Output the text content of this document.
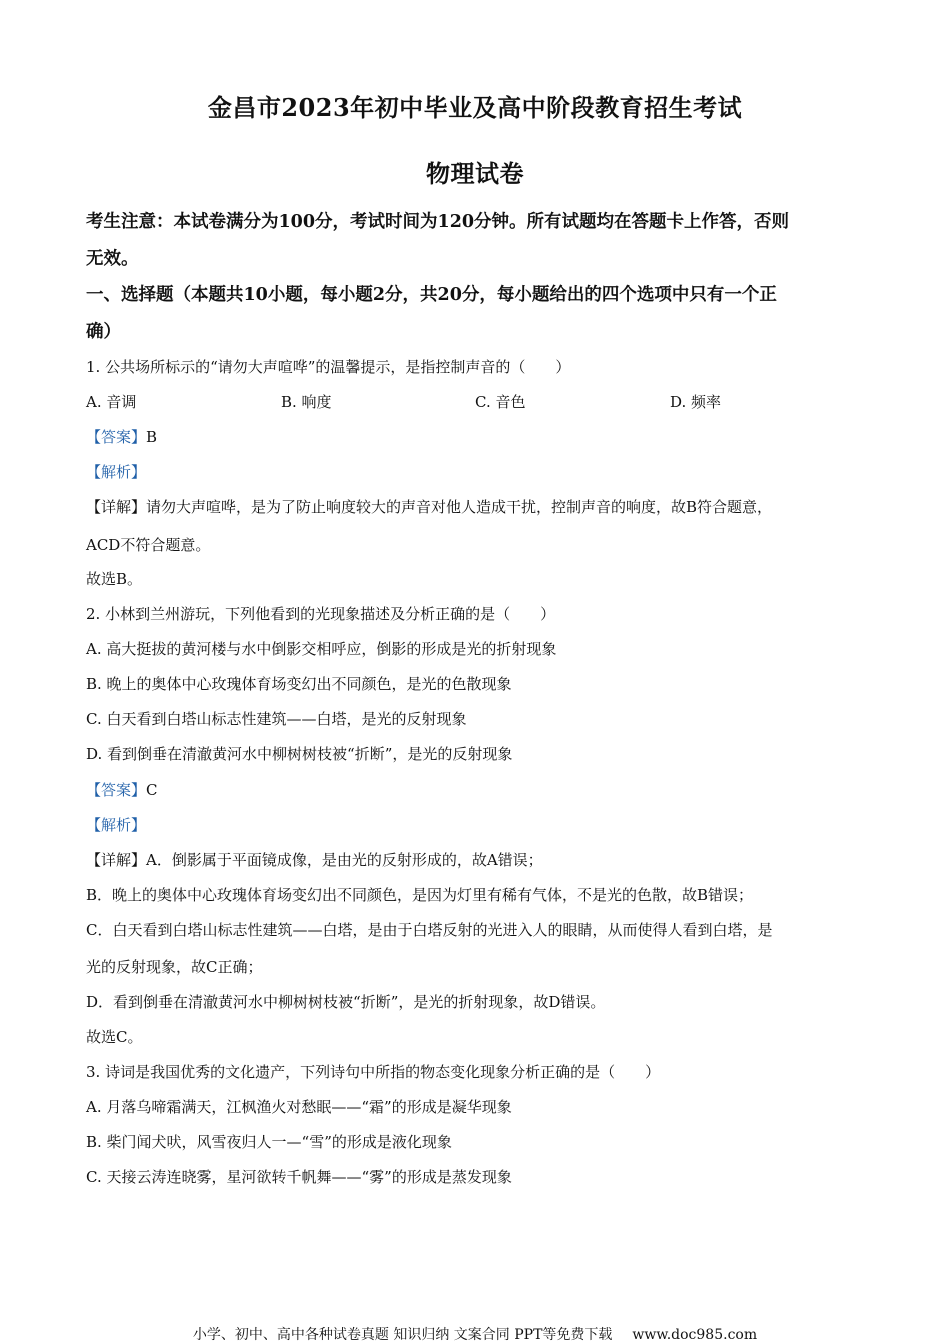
金昌市2023年初中毕业及高中阶段教育招生考试
物理试卷
考生注意：本试卷满分为100分，考试时间为120分钟。所有试题均在答题卡上作答，否则
无效。
一、选择题（本题共10小题，每小题2分，共20分，每小题给出的四个选项中只有一个正
确）
1. 公共场所标示的“请勿大声喧哗”的温馨提示，是指控制声音的（　　）
A. 音调	B. 响度	C. 音色	D. 频率
【答案】B
【解析】
【详解】请勿大声喧哗，是为了防止响度较大的声音对他人造成干扰，控制声音的响度，故B符合题意，
ACD不符合题意。
故选B。
2. 小林到兰州游玩，下列他看到的光现象描述及分析正确的是（　　）
A. 高大挺拔的黄河楼与水中倒影交相呼应，倒影的形成是光的折射现象
B. 晚上的奥体中心玫瑰体育场变幻出不同颜色，是光的色散现象
C. 白天看到白塔山标志性建筑——白塔，是光的反射现象
D. 看到倒垂在清澈黄河水中柳树树枝被“折断”，是光的反射现象
【答案】C
【解析】
【详解】A．倒影属于平面镜成像，是由光的反射形成的，故A错误；
B．晚上的奥体中心玫瑰体育场变幻出不同颜色，是因为灯里有稀有气体，不是光的色散，故B错误；
C．白天看到白塔山标志性建筑——白塔，是由于白塔反射的光进入人的眼睛，从而使得人看到白塔，是
光的反射现象，故C正确；
D．看到倒垂在清澈黄河水中柳树树枝被“折断”，是光的折射现象，故D错误。
故选C。
3. 诗词是我国优秀的文化遗产，下列诗句中所指的物态变化现象分析正确的是（　　）
A. 月落乌啼霜满天，江枫渔火对愁眠——“霜”的形成是凝华现象
B. 柴门闻犬吠，风雪夜归人一—“雪”的形成是液化现象
C. 天接云涛连晓雾，星河欲转千帆舞——“雾”的形成是蒸发现象
小学、初中、高中各种试卷真题 知识归纳 文案合同 PPT等免费下载 www.doc985.com
